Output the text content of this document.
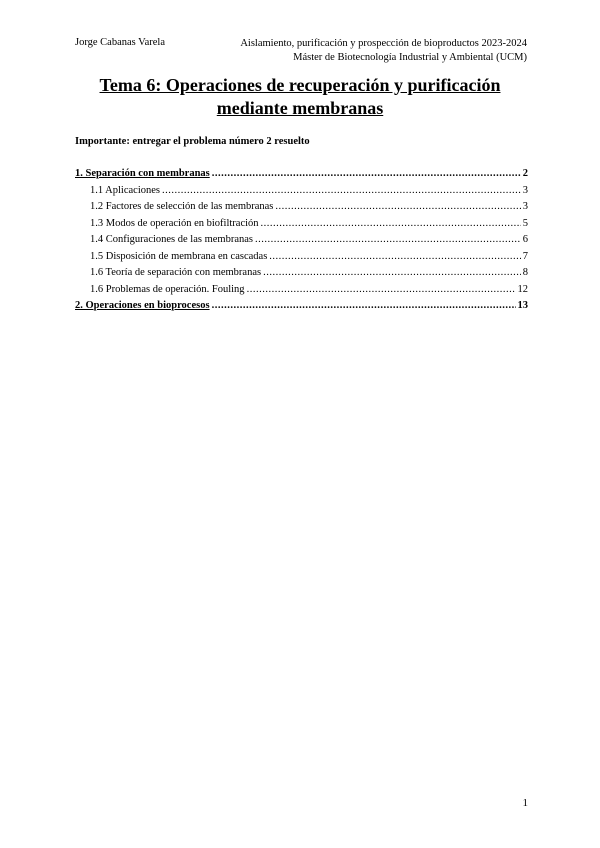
Jorge Cabanas Varela	Aislamiento, purificación y prospección de bioproductos 2023-2024
Máster de Biotecnología Industrial y Ambiental (UCM)
Tema 6: Operaciones de recuperación y purificación
mediante membranas
Importante: entregar el problema número 2 resuelto
1. Separación con membranas .....	2
1.1 Aplicaciones .....	3
1.2 Factores de selección de las membranas .....	3
1.3 Modos de operación en biofiltración .....	5
1.4 Configuraciones de las membranas .....	6
1.5 Disposición de membrana en cascadas .....	7
1.6 Teoría de separación con membranas .....	8
1.6 Problemas de operación. Fouling .....	12
2. Operaciones en bioprocesos .....	13
1
